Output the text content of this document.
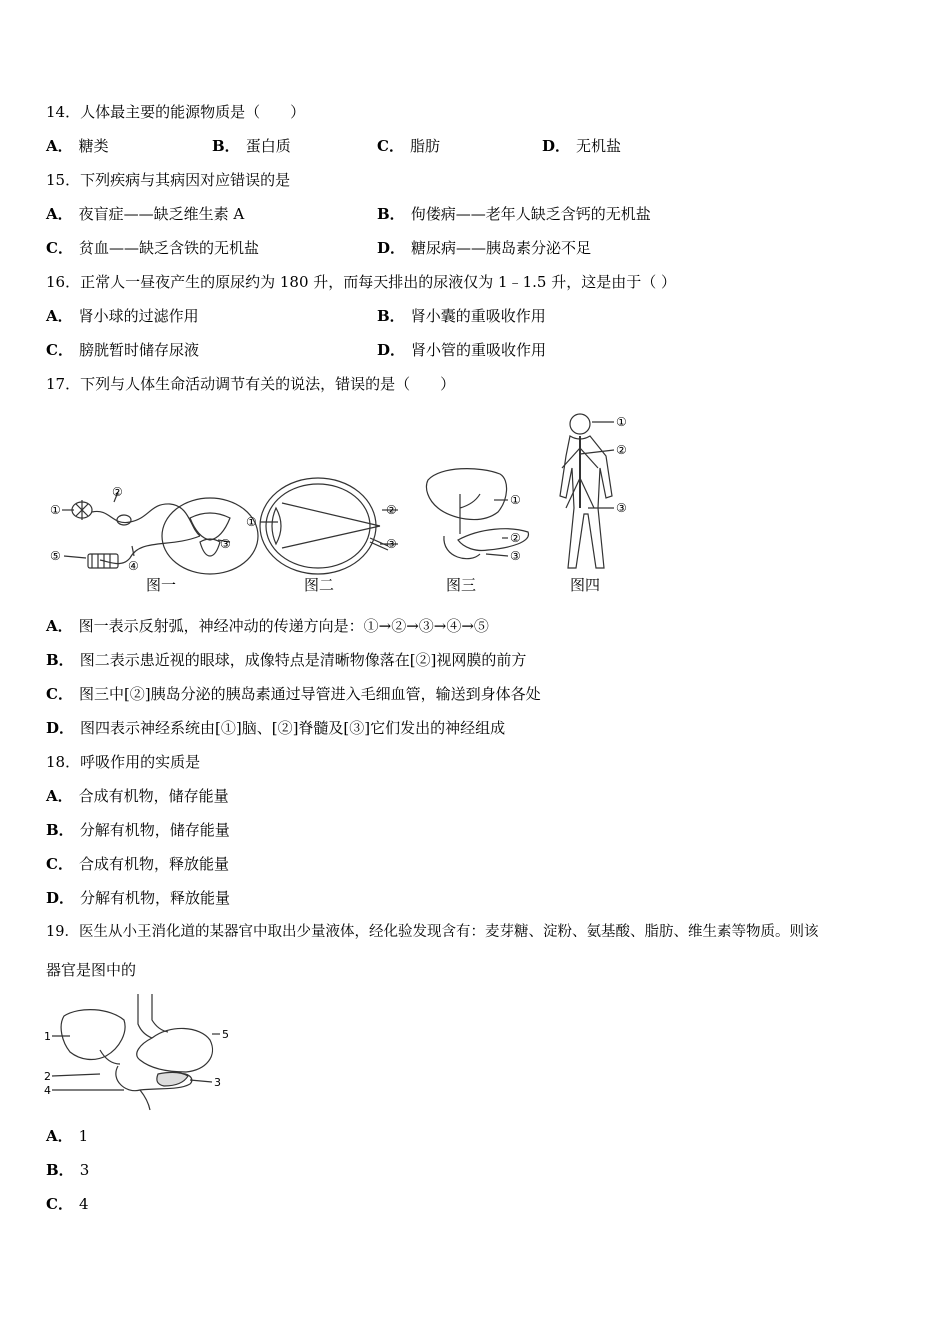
14．人体最主要的能源物质是（　　）
A． 糖类	B． 蛋白质	C． 脂肪	D． 无机盐
15．下列疾病与其病因对应错误的是
A． 夜盲症——缺乏维生素 A	B． 佝偻病——老年人缺乏含钙的无机盐
C． 贫血——缺乏含铁的无机盐	D． 糖尿病——胰岛素分泌不足
16．正常人一昼夜产生的原尿约为 180 升，而每天排出的尿液仅为 1﹣1.5 升，这是由于（ ）
A． 肾小球的过滤作用	B． 肾小囊的重吸收作用
C． 膀胱暂时储存尿液	D． 肾小管的重吸收作用
17．下列与人体生命活动调节有关的说法，错误的是（　　）
①
②
③
④
⑤
①
②
③
①
②
③
①
②
③
图一	图二	图三	图四
A． 图一表示反射弧，神经冲动的传递方向是：①→②→③→④→⑤
B． 图二表示患近视的眼球，成像特点是清晰物像落在[②]视网膜的前方
C． 图三中[②]胰岛分泌的胰岛素通过导管进入毛细血管，输送到身体各处
D． 图四表示神经系统由[①]脑、[②]脊髓及[③]它们发出的神经组成
18．呼吸作用的实质是
A． 合成有机物，储存能量
B． 分解有机物，储存能量
C． 合成有机物，释放能量
D． 分解有机物，释放能量
19．医生从小王消化道的某器官中取出少量液体，经化验发现含有：麦芽糖、淀粉、氨基酸、脂肪、维生素等物质。则该
器官是图中的
1
2	3
4
5
A． 1
B． 3
C． 4
